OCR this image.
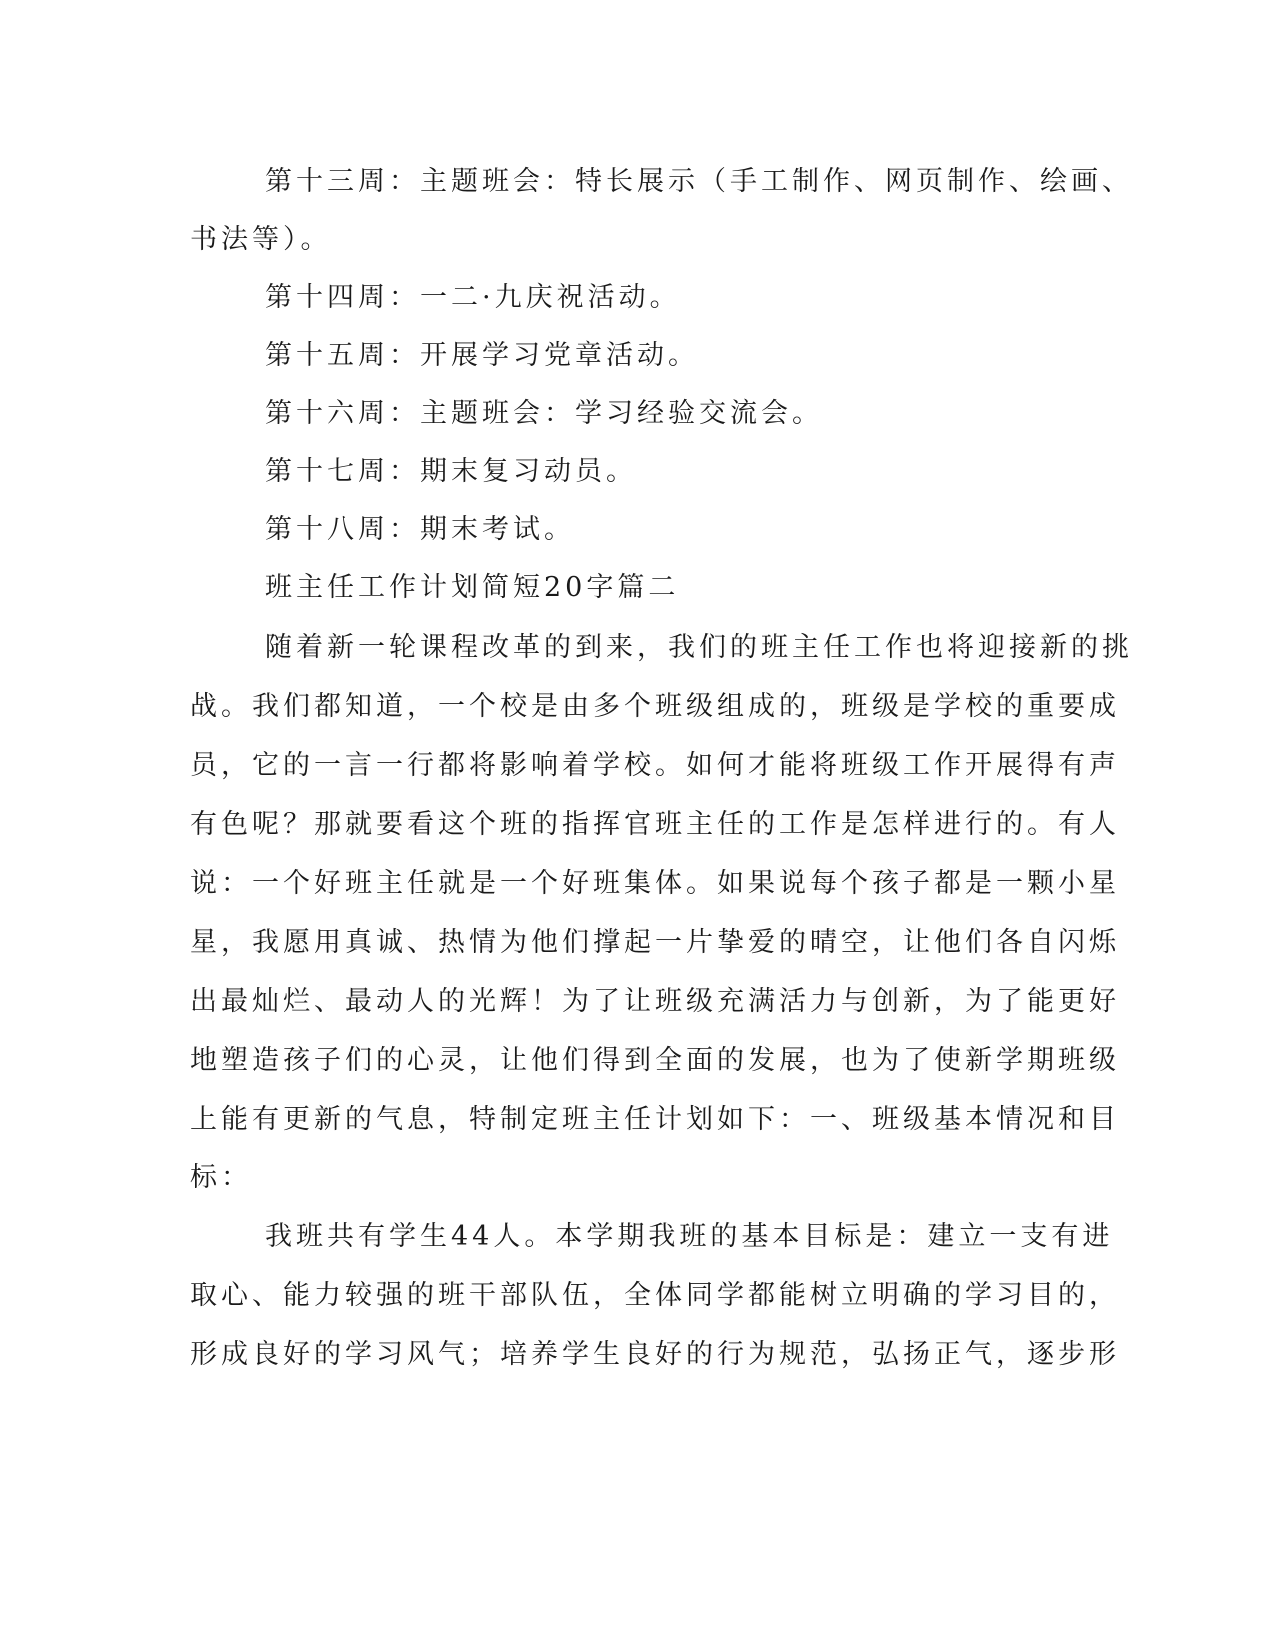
第十三周：主题班会：特长展示（手工制作、网页制作、绘画、
书法等）。
第十四周：一二·九庆祝活动。
第十五周：开展学习党章活动。
第十六周：主题班会：学习经验交流会。
第十七周：期末复习动员。
第十八周：期末考试。
班主任工作计划简短20字篇二
随着新一轮课程改革的到来，我们的班主任工作也将迎接新的挑
战。我们都知道，一个校是由多个班级组成的，班级是学校的重要成
员，它的一言一行都将影响着学校。如何才能将班级工作开展得有声
有色呢？那就要看这个班的指挥官班主任的工作是怎样进行的。有人
说：一个好班主任就是一个好班集体。如果说每个孩子都是一颗小星
星，我愿用真诚、热情为他们撑起一片挚爱的晴空，让他们各自闪烁
出最灿烂、最动人的光辉！为了让班级充满活力与创新，为了能更好
地塑造孩子们的心灵，让他们得到全面的发展，也为了使新学期班级
上能有更新的气息，特制定班主任计划如下：一、班级基本情况和目
标：
我班共有学生44人。本学期我班的基本目标是：建立一支有进
取心、能力较强的班干部队伍，全体同学都能树立明确的学习目的，
形成良好的学习风气；培养学生良好的行为规范，弘扬正气，逐步形
